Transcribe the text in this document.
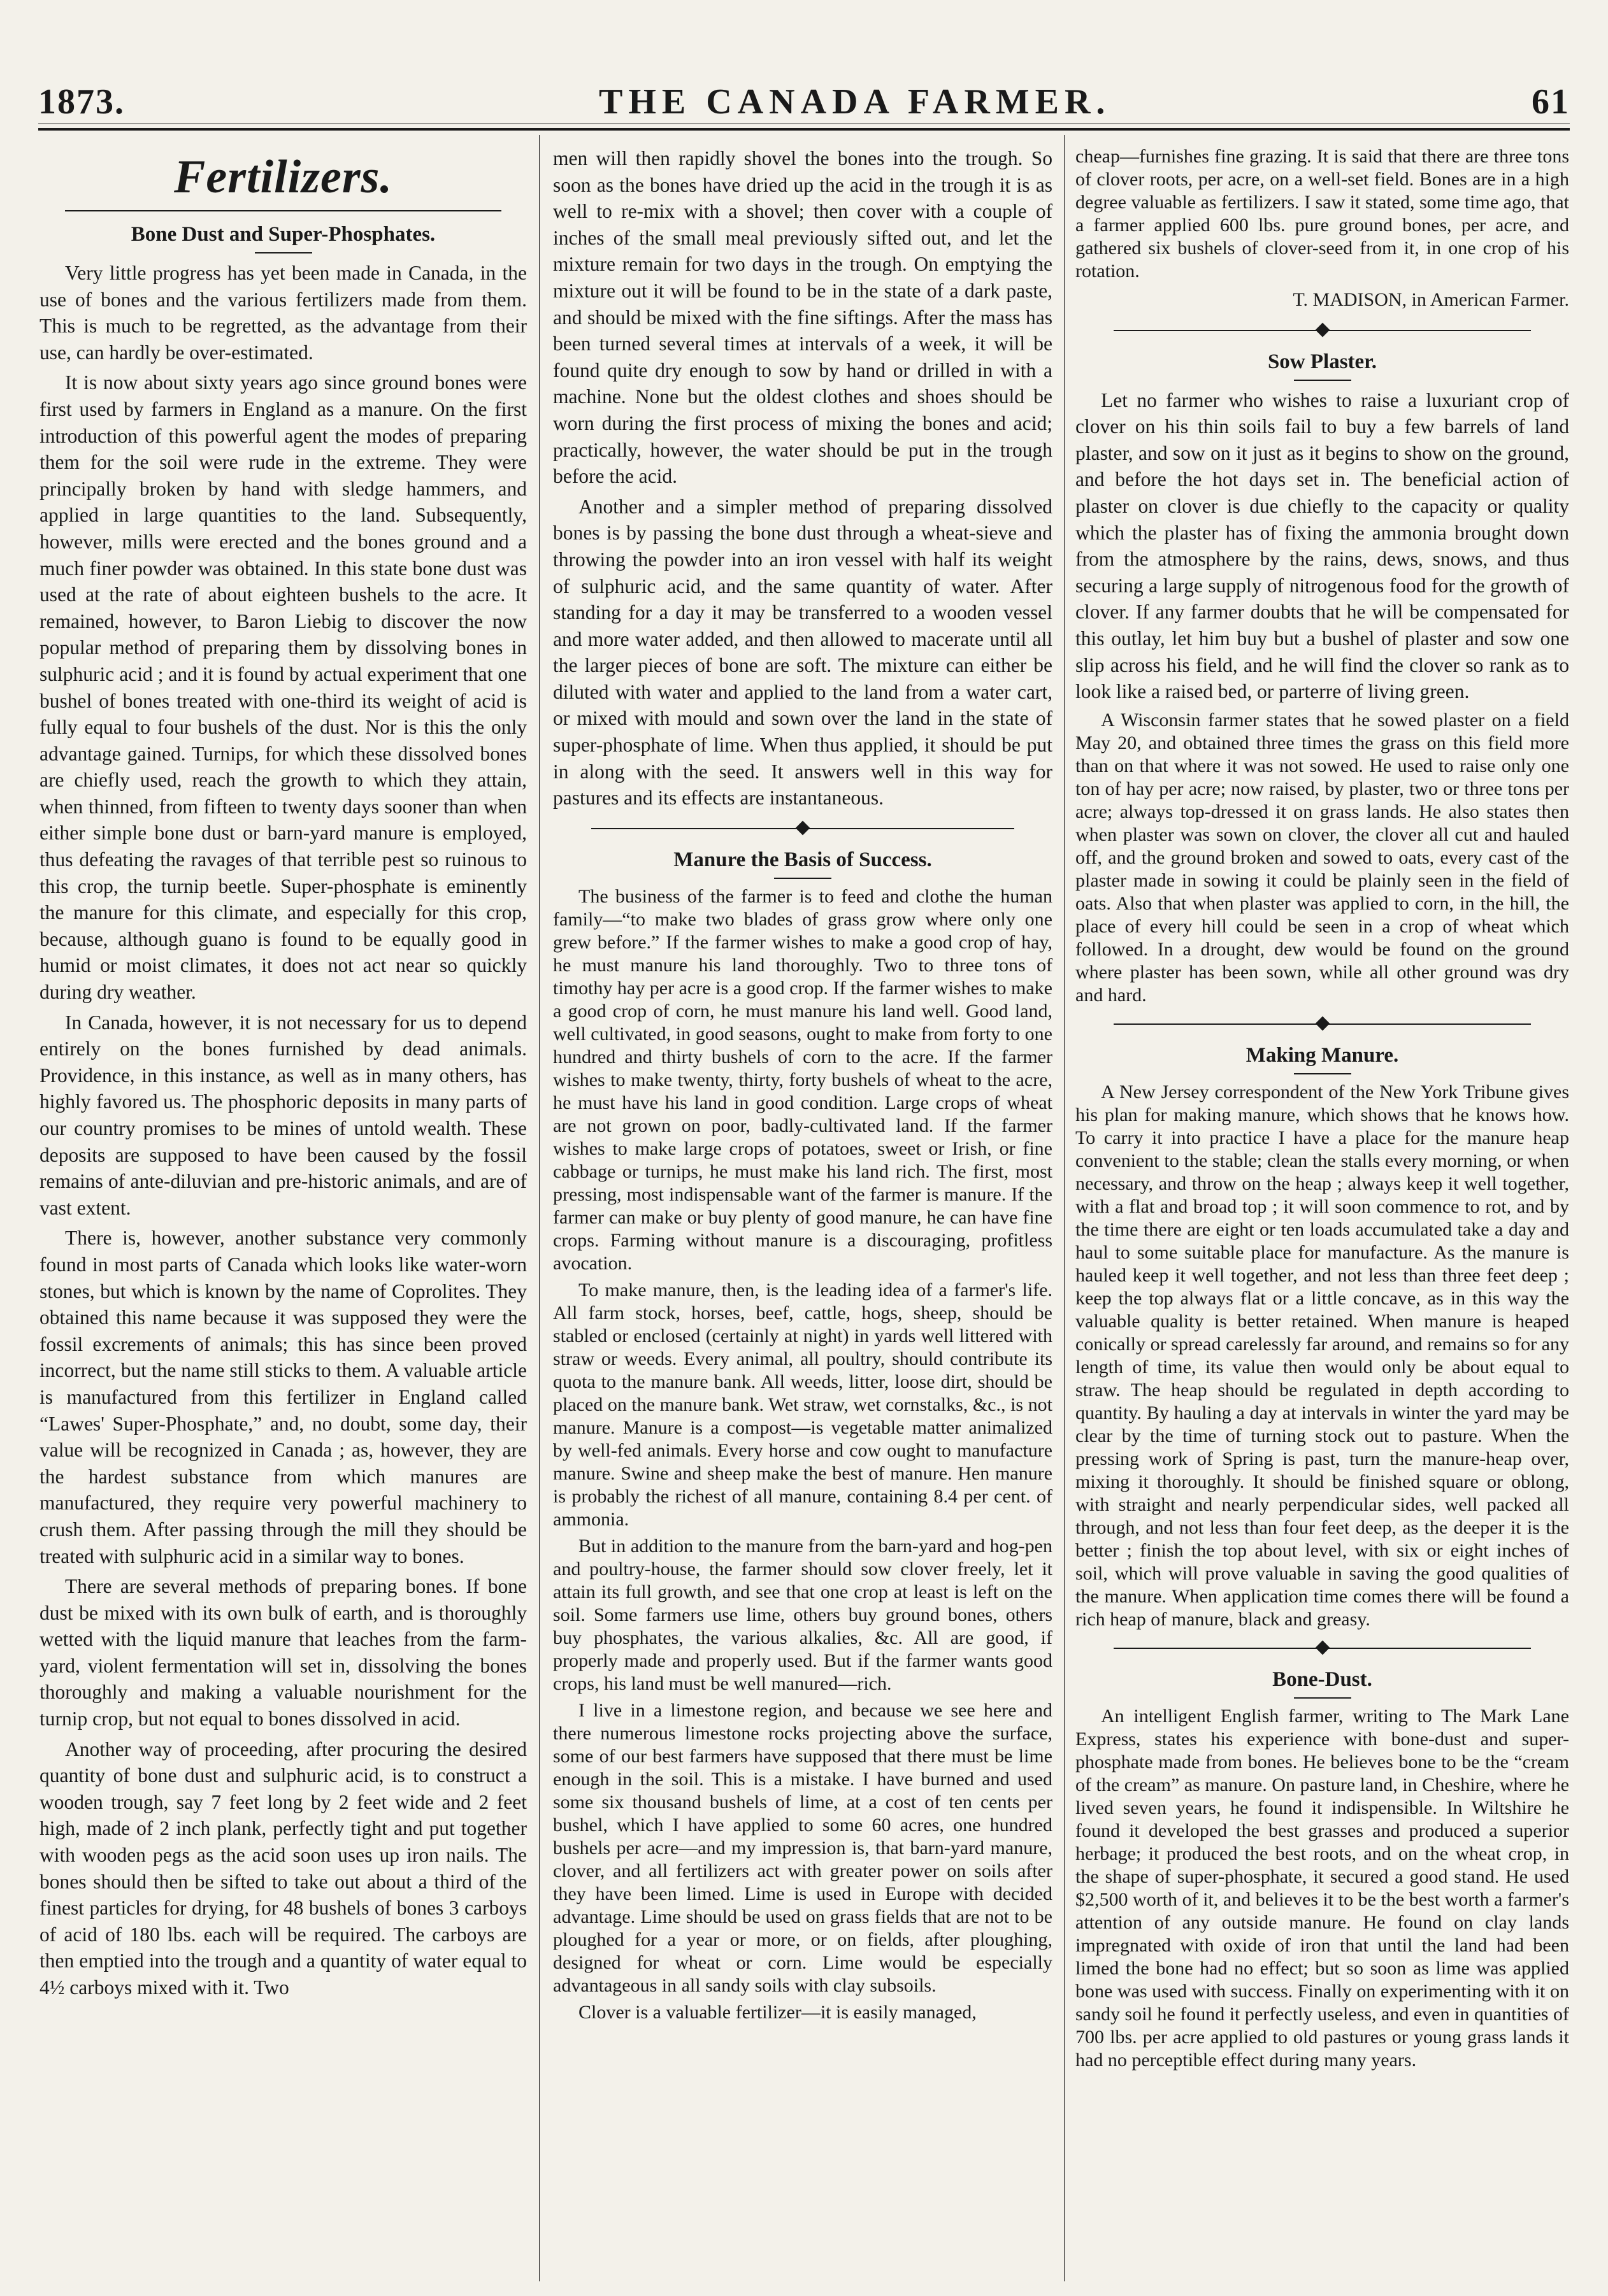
1873.	THE CANADA FARMER.	61
Fertilizers.
Bone Dust and Super-Phosphates.

Very little progress has yet been made in Canada, in the use of bones and the various fertilizers made from them. This is much to be regretted, as the advantage from their use, can hardly be over-estimated.

It is now about sixty years ago since ground bones were first used by farmers in England as a manure. On the first introduction of this powerful agent the modes of preparing them for the soil were rude in the extreme. They were principally broken by hand with sledge hammers, and applied in large quantities to the land. Subsequently, however, mills were erected and the bones ground and a much finer powder was obtained. In this state bone dust was used at the rate of about eighteen bushels to the acre. It remained, however, to Baron Liebig to discover the now popular method of preparing them by dissolving bones in sulphuric acid ; and it is found by actual experiment that one bushel of bones treated with one-third its weight of acid is fully equal to four bushels of the dust. Nor is this the only advantage gained. Turnips, for which these dissolved bones are chiefly used, reach the growth to which they attain, when thinned, from fifteen to twenty days sooner than when either simple bone dust or barn-yard manure is employed, thus defeating the ravages of that terrible pest so ruinous to this crop, the turnip beetle. Super-phosphate is eminently the manure for this climate, and especially for this crop, because, although guano is found to be equally good in humid or moist climates, it does not act near so quickly during dry weather.

In Canada, however, it is not necessary for us to depend entirely on the bones furnished by dead animals. Providence, in this instance, as well as in many others, has highly favored us. The phosphoric deposits in many parts of our country promises to be mines of untold wealth. These deposits are supposed to have been caused by the fossil remains of ante-diluvian and pre-historic animals, and are of vast extent.

There is, however, another substance very commonly found in most parts of Canada which looks like water-worn stones, but which is known by the name of Coprolites. They obtained this name because it was supposed they were the fossil excrements of animals; this has since been proved incorrect, but the name still sticks to them. A valuable article is manufactured from this fertilizer in England called “Lawes' Super-Phosphate,” and, no doubt, some day, their value will be recognized in Canada ; as, however, they are the hardest substance from which manures are manufactured, they require very powerful machinery to crush them. After passing through the mill they should be treated with sulphuric acid in a similar way to bones.

There are several methods of preparing bones. If bone dust be mixed with its own bulk of earth, and is thoroughly wetted with the liquid manure that leaches from the farm-yard, violent fermentation will set in, dissolving the bones thoroughly and making a valuable nourishment for the turnip crop, but not equal to bones dissolved in acid.

Another way of proceeding, after procuring the desired quantity of bone dust and sulphuric acid, is to construct a wooden trough, say 7 feet long by 2 feet wide and 2 feet high, made of 2 inch plank, perfectly tight and put together with wooden pegs as the acid soon uses up iron nails. The bones should then be sifted to take out about a third of the finest particles for drying, for 48 bushels of bones 3 carboys of acid of 180 lbs. each will be required. The carboys are then emptied into the trough and a quantity of water equal to 4½ carboys mixed with it. Two

men will then rapidly shovel the bones into the trough. So soon as the bones have dried up the acid in the trough it is as well to re-mix with a shovel; then cover with a couple of inches of the small meal previously sifted out, and let the mixture remain for two days in the trough. On emptying the mixture out it will be found to be in the state of a dark paste, and should be mixed with the fine siftings. After the mass has been turned several times at intervals of a week, it will be found quite dry enough to sow by hand or drilled in with a machine. None but the oldest clothes and shoes should be worn during the first process of mixing the bones and acid; practically, however, the water should be put in the trough before the acid.

Another and a simpler method of preparing dissolved bones is by passing the bone dust through a wheat-sieve and throwing the powder into an iron vessel with half its weight of sulphuric acid, and the same quantity of water. After standing for a day it may be transferred to a wooden vessel and more water added, and then allowed to macerate until all the larger pieces of bone are soft. The mixture can either be diluted with water and applied to the land from a water cart, or mixed with mould and sown over the land in the state of super-phosphate of lime. When thus applied, it should be put in along with the seed. It answers well in this way for pastures and its effects are instantaneous.

Manure the Basis of Success.

The business of the farmer is to feed and clothe the human family—“to make two blades of grass grow where only one grew before.” If the farmer wishes to make a good crop of hay, he must manure his land thoroughly. Two to three tons of timothy hay per acre is a good crop. If the farmer wishes to make a good crop of corn, he must manure his land well. Good land, well cultivated, in good seasons, ought to make from forty to one hundred and thirty bushels of corn to the acre. If the farmer wishes to make twenty, thirty, forty bushels of wheat to the acre, he must have his land in good condition. Large crops of wheat are not grown on poor, badly-cultivated land. If the farmer wishes to make large crops of potatoes, sweet or Irish, or fine cabbage or turnips, he must make his land rich. The first, most pressing, most indispensable want of the farmer is manure. If the farmer can make or buy plenty of good manure, he can have fine crops. Farming without manure is a discouraging, profitless avocation.

To make manure, then, is the leading idea of a farmer's life. All farm stock, horses, beef, cattle, hogs, sheep, should be stabled or enclosed (certainly at night) in yards well littered with straw or weeds. Every animal, all poultry, should contribute its quota to the manure bank. All weeds, litter, loose dirt, should be placed on the manure bank. Wet straw, wet cornstalks, &c., is not manure. Manure is a compost—is vegetable matter animalized by well-fed animals. Every horse and cow ought to manufacture manure. Swine and sheep make the best of manure. Hen manure is probably the richest of all manure, containing 8.4 per cent. of ammonia.

But in addition to the manure from the barn-yard and hog-pen and poultry-house, the farmer should sow clover freely, let it attain its full growth, and see that one crop at least is left on the soil. Some farmers use lime, others buy ground bones, others buy phosphates, the various alkalies, &c. All are good, if properly made and properly used. But if the farmer wants good crops, his land must be well manured—rich.

I live in a limestone region, and because we see here and there numerous limestone rocks projecting above the surface, some of our best farmers have supposed that there must be lime enough in the soil. This is a mistake. I have burned and used some six thousand bushels of lime, at a cost of ten cents per bushel, which I have applied to some 60 acres, one hundred bushels per acre—and my impression is, that barn-yard manure, clover, and all fertilizers act with greater power on soils after they have been limed. Lime is used in Europe with decided advantage. Lime should be used on grass fields that are not to be ploughed for a year or more, or on fields, after ploughing, designed for wheat or corn. Lime would be especially advantageous in all sandy soils with clay subsoils.

Clover is a valuable fertilizer—it is easily managed,

cheap—furnishes fine grazing. It is said that there are three tons of clover roots, per acre, on a well-set field. Bones are in a high degree valuable as fertilizers. I saw it stated, some time ago, that a farmer applied 600 lbs. pure ground bones, per acre, and gathered six bushels of clover-seed from it, in one crop of his rotation.

T. MADISON, in American Farmer.

Sow Plaster.

Let no farmer who wishes to raise a luxuriant crop of clover on his thin soils fail to buy a few barrels of land plaster, and sow on it just as it begins to show on the ground, and before the hot days set in. The beneficial action of plaster on clover is due chiefly to the capacity or quality which the plaster has of fixing the ammonia brought down from the atmosphere by the rains, dews, snows, and thus securing a large supply of nitrogenous food for the growth of clover. If any farmer doubts that he will be compensated for this outlay, let him buy but a bushel of plaster and sow one slip across his field, and he will find the clover so rank as to look like a raised bed, or parterre of living green.

A Wisconsin farmer states that he sowed plaster on a field May 20, and obtained three times the grass on this field more than on that where it was not sowed. He used to raise only one ton of hay per acre; now raised, by plaster, two or three tons per acre; always top-dressed it on grass lands. He also states then when plaster was sown on clover, the clover all cut and hauled off, and the ground broken and sowed to oats, every cast of the plaster made in sowing it could be plainly seen in the field of oats. Also that when plaster was applied to corn, in the hill, the place of every hill could be seen in a crop of wheat which followed. In a drought, dew would be found on the ground where plaster has been sown, while all other ground was dry and hard.

Making Manure.

A New Jersey correspondent of the New York Tribune gives his plan for making manure, which shows that he knows how. To carry it into practice I have a place for the manure heap convenient to the stable; clean the stalls every morning, or when necessary, and throw on the heap ; always keep it well together, with a flat and broad top ; it will soon commence to rot, and by the time there are eight or ten loads accumulated take a day and haul to some suitable place for manufacture. As the manure is hauled keep it well together, and not less than three feet deep ; keep the top always flat or a little concave, as in this way the valuable quality is better retained. When manure is heaped conically or spread carelessly far around, and remains so for any length of time, its value then would only be about equal to straw. The heap should be regulated in depth according to quantity. By hauling a day at intervals in winter the yard may be clear by the time of turning stock out to pasture. When the pressing work of Spring is past, turn the manure-heap over, mixing it thoroughly. It should be finished square or oblong, with straight and nearly perpendicular sides, well packed all through, and not less than four feet deep, as the deeper it is the better ; finish the top about level, with six or eight inches of soil, which will prove valuable in saving the good qualities of the manure. When application time comes there will be found a rich heap of manure, black and greasy.

Bone-Dust.

An intelligent English farmer, writing to The Mark Lane Express, states his experience with bone-dust and super-phosphate made from bones. He believes bone to be the “cream of the cream” as manure. On pasture land, in Cheshire, where he lived seven years, he found it indispensible. In Wiltshire he found it developed the best grasses and produced a superior herbage; it produced the best roots, and on the wheat crop, in the shape of super-phosphate, it secured a good stand. He used $2,500 worth of it, and believes it to be the best worth a farmer's attention of any outside manure. He found on clay lands impregnated with oxide of iron that until the land had been limed the bone had no effect; but so soon as lime was applied bone was used with success. Finally on experimenting with it on sandy soil he found it perfectly useless, and even in quantities of 700 lbs. per acre applied to old pastures or young grass lands it had no perceptible effect during many years.
